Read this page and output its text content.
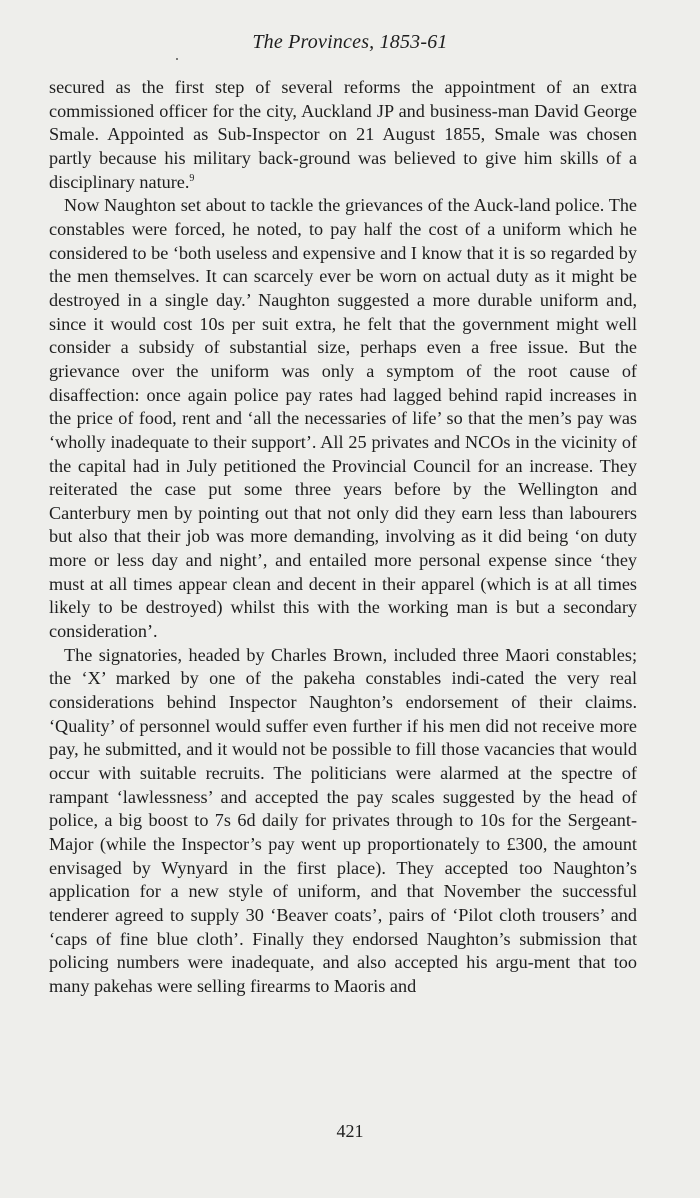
The Provinces, 1853-61

secured as the first step of several reforms the appointment of an extra commissioned officer for the city, Auckland JP and business-man David George Smale. Appointed as Sub-Inspector on 21 August 1855, Smale was chosen partly because his military back-ground was believed to give him skills of a disciplinary nature.$^9$

Now Naughton set about to tackle the grievances of the Auck-land police. The constables were forced, he noted, to pay half the cost of a uniform which he considered to be ‘both useless and expensive and I know that it is so regarded by the men themselves. It can scarcely ever be worn on actual duty as it might be destroyed in a single day.’ Naughton suggested a more durable uniform and, since it would cost 10s per suit extra, he felt that the government might well consider a subsidy of substantial size, perhaps even a free issue. But the grievance over the uniform was only a symptom of the root cause of disaffection: once again police pay rates had lagged behind rapid increases in the price of food, rent and ‘all the necessaries of life’ so that the men’s pay was ‘wholly inadequate to their support’. All 25 privates and NCOs in the vicinity of the capital had in July petitioned the Provincial Council for an increase. They reiterated the case put some three years before by the Wellington and Canterbury men by pointing out that not only did they earn less than labourers but also that their job was more demanding, involving as it did being ‘on duty more or less day and night’, and entailed more personal expense since ‘they must at all times appear clean and decent in their apparel (which is at all times likely to be destroyed) whilst this with the working man is but a secondary consideration’.

The signatories, headed by Charles Brown, included three Maori constables; the ‘X’ marked by one of the pakeha constables indi-cated the very real considerations behind Inspector Naughton’s endorsement of their claims. ‘Quality’ of personnel would suffer even further if his men did not receive more pay, he submitted, and it would not be possible to fill those vacancies that would occur with suitable recruits. The politicians were alarmed at the spectre of rampant ‘lawlessness’ and accepted the pay scales suggested by the head of police, a big boost to 7s 6d daily for privates through to 10s for the Sergeant-Major (while the Inspector’s pay went up proportionately to £300, the amount envisaged by Wynyard in the first place). They accepted too Naughton’s application for a new style of uniform, and that November the successful tenderer agreed to supply 30 ‘Beaver coats’, pairs of ‘Pilot cloth trousers’ and ‘caps of fine blue cloth’. Finally they endorsed Naughton’s submission that policing numbers were inadequate, and also accepted his argu-ment that too many pakehas were selling firearms to Maoris and

421
